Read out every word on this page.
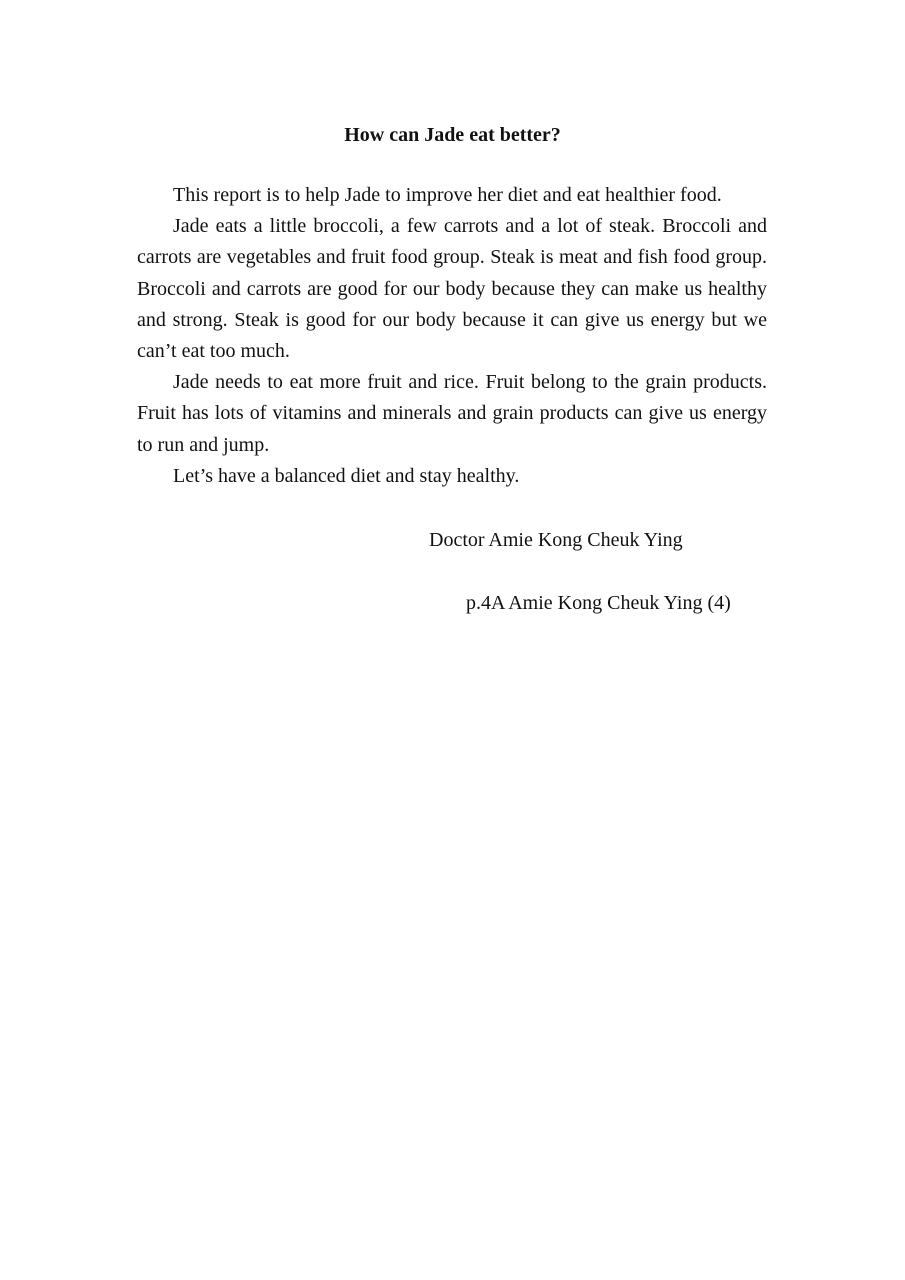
How can Jade eat better?

This report is to help Jade to improve her diet and eat healthier food.

Jade eats a little broccoli, a few carrots and a lot of steak. Broccoli and carrots are vegetables and fruit food group. Steak is meat and fish food group. Broccoli and carrots are good for our body because they can make us healthy and strong. Steak is good for our body because it can give us energy but we can’t eat too much.

Jade needs to eat more fruit and rice. Fruit belong to the grain products. Fruit has lots of vitamins and minerals and grain products can give us energy to run and jump.

Let’s have a balanced diet and stay healthy.

Doctor Amie Kong Cheuk Ying
p.4A Amie Kong Cheuk Ying (4)
